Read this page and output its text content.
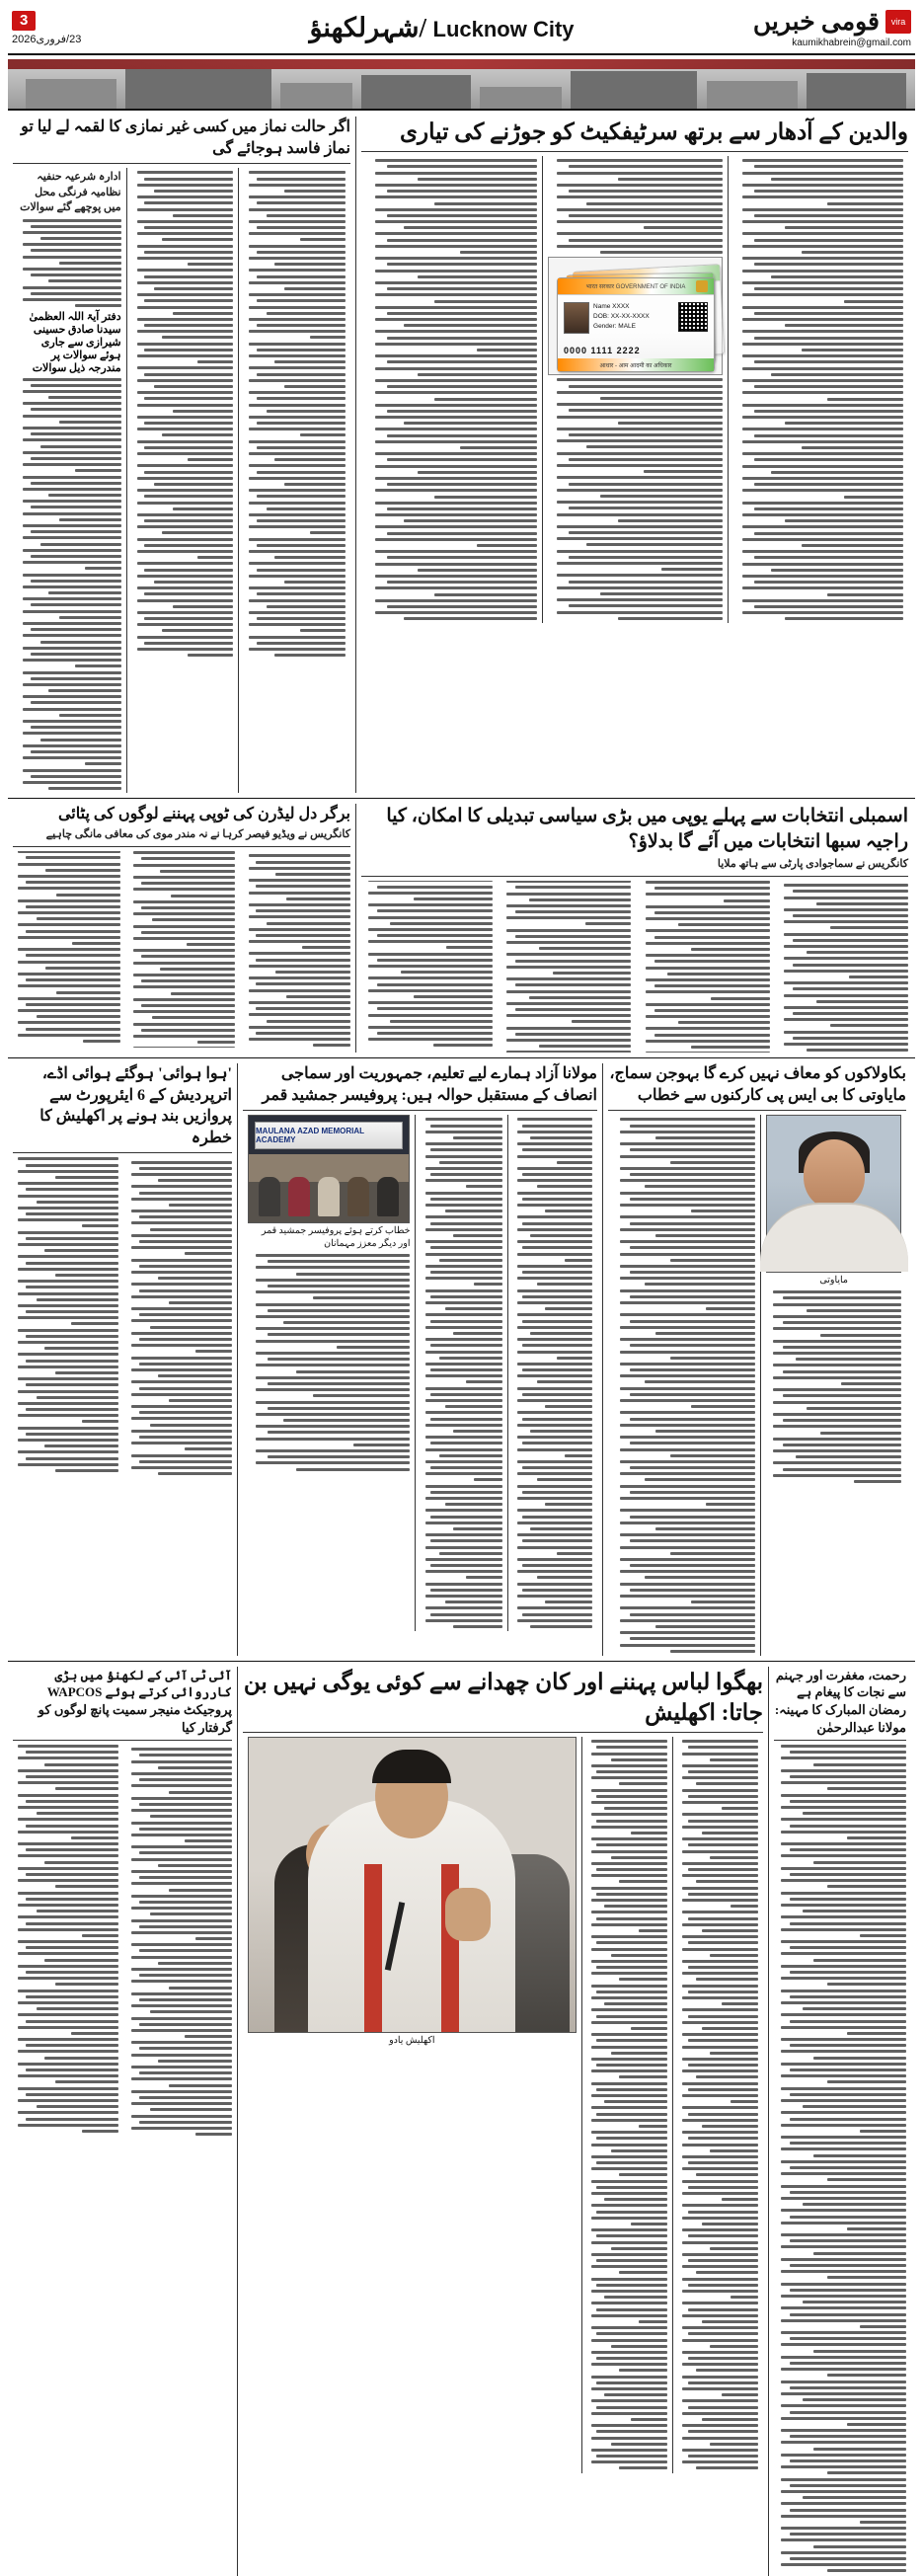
3
23/فروری2026	شہرلکھنؤ/ Lucknow City	قومی خبریں	vira
kaumikhabrein@gmail.com
اگر حالت نماز میں کسی غیر نمازی کا لقمہ لے لیا تو نماز فاسد ہوجائے گی
ادارہ شرعیہ حنفیہ نظامیہ فرنگی محل میں پوچھے گئے سوالات
دفتر آیۃ اللہ العظمیٰ سیدنا صادق حسینی شیرازی سے جاری ہوئے سوالات پر مندرجہ ذیل سوالات
والدین کے آدھار سے برتھ سرٹیفکیٹ کو جوڑنے کی تیاری
भारत सरकार GOVERNMENT OF INDIA
Name XXXX
DOB: XX-XX-XXXX
Gender: MALE
0000 1111 2222
आधार - आम आदमी का अधिकार
برگر دل لیڈرن کی ٹوپی پہننے لوگوں کی پٹائی
کانگریس نے ویڈیو فیصر کرہا نے نہ مندر موی کی معافی مانگی چاہیے
اسمبلی انتخابات سے پہلے یوپی میں بڑی سیاسی تبدیلی کا امکان، کیا راجیہ سبھا انتخابات میں آئے گا بدلاؤ؟
کانگریس نے سماجوادی پارٹی سے ہاتھ ملایا
'ہوا ہوائی' ہوگئے ہوائی اڈے، اترپردیش کے 6 ایئرپورٹ سے پروازیں بند ہونے پر اکھلیش کا خطرہ
مولانا آزاد ہمارے لیے تعلیم، جمہوریت اور سماجی انصاف کے مستقبل حوالہ ہیں: پروفیسر جمشید قمر
MAULANA AZAD MEMORIAL ACADEMY
خطاب کرتے ہوئے پروفیسر جمشید قمر اور دیگر معزز مہمانان
بکاولاکوں کو معاف نہیں کرے گا بہوجن سماج، مایاوتی کا بی ایس پی کارکنوں سے خطاب
مایاوتی
آئی ٹی آئی کے لکھنؤ میں بڑی کارروائی کرتے ہوئے WAPCOS پروجیکٹ منیجر سمیت پانچ لوگوں کو گرفتار کیا
بھگوا لباس پہننے اور کان چھدانے سے کوئی یوگی نہیں بن جاتا: اکھلیش
اکھلیش یادو
رحمت، مغفرت اور جہنم سے نجات کا پیغام ہے رمضان المبارک کا مہینہ: مولانا عبدالرحمٰن
